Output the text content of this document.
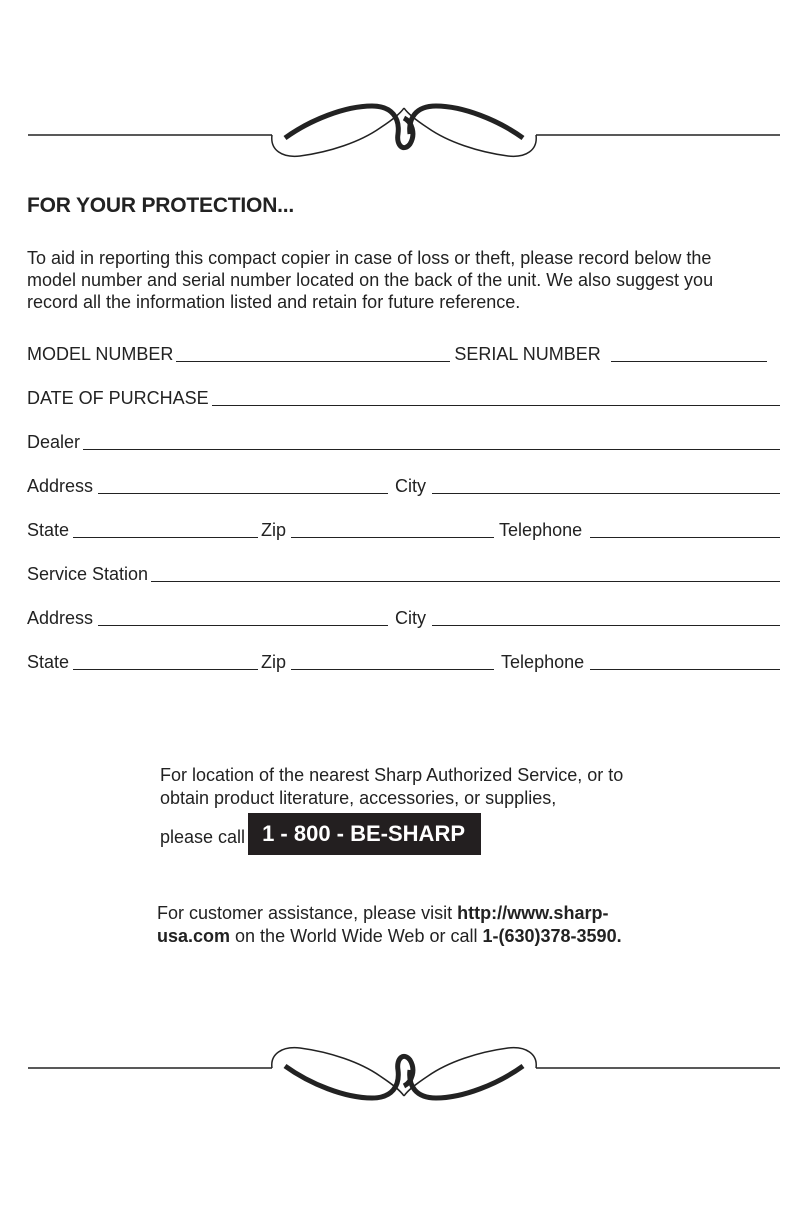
FOR YOUR PROTECTION...

To aid in reporting this compact copier in case of loss or theft, please record below the
model number and serial number located on the back of the unit. We also suggest you
record all the information listed and retain for future reference.

MODEL NUMBER	SERIAL NUMBER
DATE OF PURCHASE
Dealer
Address	City
State	Zip	Telephone
Service Station
Address	City
State	Zip	Telephone
For location of the nearest Sharp Authorized Service, or to
obtain product literature, accessories, or supplies,
please call 1 - 800 - BE-SHARP
For customer assistance, please visit http://www.sharp-usa.com on the World Wide Web or call 1-(630)378-3590.
